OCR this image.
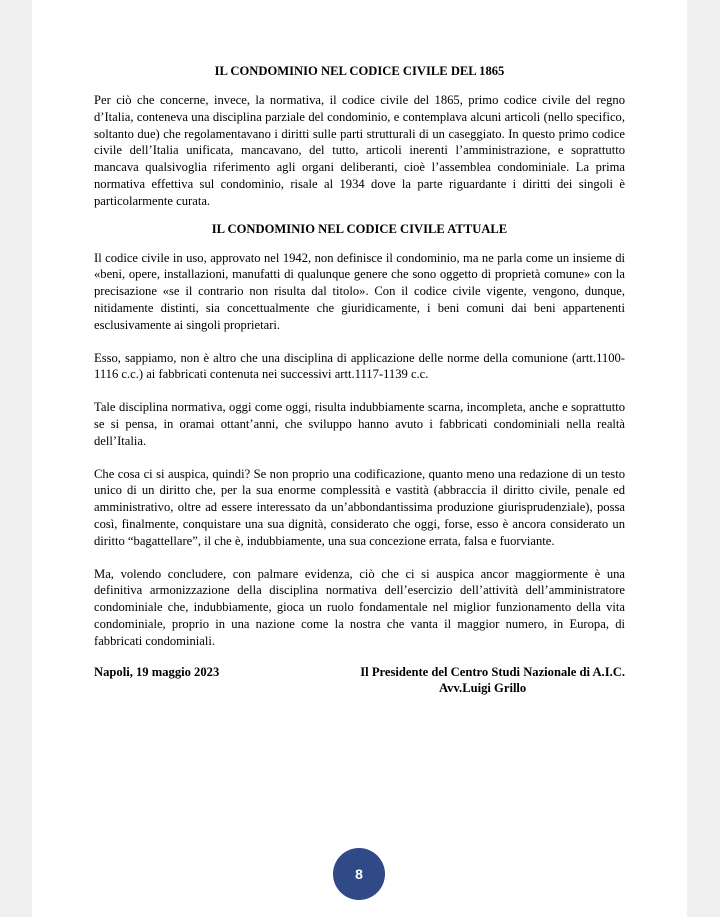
IL CONDOMINIO NEL CODICE CIVILE DEL 1865

Per ciò che concerne, invece, la normativa, il codice civile del 1865, primo codice civile del regno d’Italia, conteneva una disciplina parziale del condominio, e contemplava alcuni articoli (nello specifico, soltanto due) che regolamentavano i diritti sulle parti strutturali di un caseggiato. In questo primo codice civile dell’Italia unificata, mancavano, del tutto, articoli inerenti l’amministrazione, e soprattutto mancava qualsivoglia riferimento agli organi deliberanti, cioè l’assemblea condominiale. La prima normativa effettiva sul condominio, risale al 1934 dove la parte riguardante i diritti dei singoli è particolarmente curata.

IL CONDOMINIO NEL CODICE CIVILE ATTUALE

Il codice civile in uso, approvato nel 1942, non definisce il condominio, ma ne parla come un insieme di «beni, opere, installazioni, manufatti di qualunque genere che sono oggetto di proprietà comune» con la precisazione «se il contrario non risulta dal titolo». Con il codice civile vigente, vengono, dunque, nitidamente distinti, sia concettualmente che giuridicamente, i beni comuni dai beni appartenenti esclusivamente ai singoli proprietari.

Esso, sappiamo, non è altro che una disciplina di applicazione delle norme della comunione (artt.1100-1116 c.c.) ai fabbricati contenuta nei successivi artt.1117-1139 c.c.

Tale disciplina normativa, oggi come oggi, risulta indubbiamente scarna, incompleta, anche e soprattutto se si pensa, in oramai ottant’anni, che sviluppo hanno avuto i fabbricati condominiali nella realtà dell’Italia.

Che cosa ci si auspica, quindi? Se non proprio una codificazione, quanto meno una redazione di un testo unico di un diritto che, per la sua enorme complessità e vastità (abbraccia il diritto civile, penale ed amministrativo, oltre ad essere interessato da un’abbondantissima produzione giurisprudenziale), possa così, finalmente, conquistare una sua dignità, considerato che oggi, forse, esso è ancora considerato un diritto “bagattellare”, il che è, indubbiamente, una sua concezione errata, falsa e fuorviante.

Ma, volendo concludere, con palmare evidenza, ciò che ci si auspica ancor maggiormente è una definitiva armonizzazione della disciplina normativa dell’esercizio dell’attività dell’amministratore condominiale che, indubbiamente, gioca un ruolo fondamentale nel miglior funzionamento della vita condominiale, proprio in una nazione come la nostra che vanta il maggior numero, in Europa, di fabbricati condominiali.

Napoli, 19 maggio 2023	Il Presidente del Centro Studi Nazionale di A.I.C.
Avv.Luigi Grillo
8
